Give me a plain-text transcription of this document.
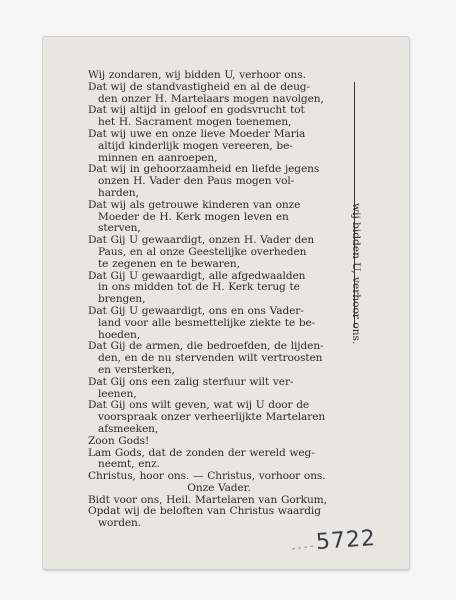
Wij zondaren, wij bidden U, verhoor ons.
Dat wij de standvastigheid en al de deug-
den onzer H. Martelaars mogen navolgen,
Dat wij altijd in geloof en godsvrucht tot
het H. Sacrament mogen toenemen,
Dat wij uwe en onze lieve Moeder Maria
altijd kinderlijk mogen vereeren, be-
minnen en aanroepen,
Dat wij in gehoorzaamheid en liefde jegens
onzen H. Vader den Paus mogen vol-
harden,
Dat wij als getrouwe kinderen van onze
Moeder de H. Kerk mogen leven en
sterven,
Dat Gij U gewaardigt, onzen H. Vader den
Paus, en al onze Geestelijke overheden
te zegenen en te bewaren,
Dat Gij U gewaardigt, alle afgedwaalden
in ons midden tot de H. Kerk terug te
brengen,
Dat Gij U gewaardigt, ons en ons Vader-
land voor alle besmettelijke ziekte te be-
hoeden,
Dat Gij de armen, die bedroefden, de lijden-
den, en de nu stervenden wilt vertroosten
en versterken,
Dat Gij ons een zalig sterfuur wilt ver-
leenen,
Dat Gij ons wilt geven, wat wij U door de
voorspraak onzer verheerlijkte Martelaren
afsmeeken,
Zoon Gods!
Lam Gods, dat de zonden der wereld weg-
neemt, enz.
Christus, hoor ons. — Christus, vorhoor ons.
Onze Vader.
Bidt voor ons, Heil. Martelaren van Gorkum,
Opdat wij de beloften van Christus waardig
worden.
wij bidden U, verhoor ons.
- - - - 5722
